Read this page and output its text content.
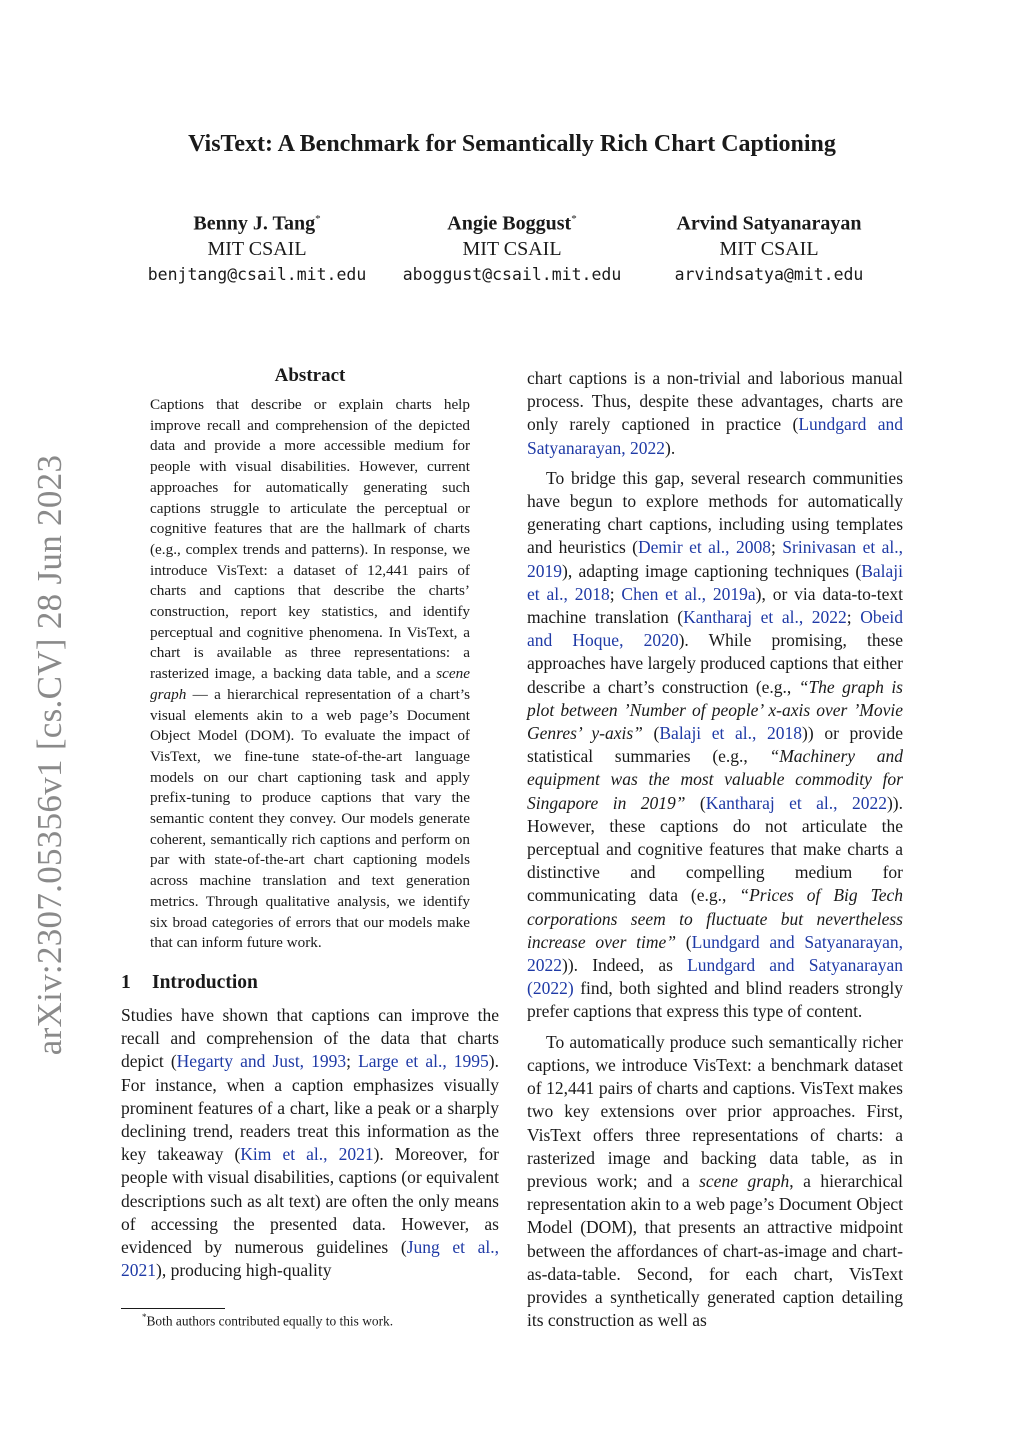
arXiv:2307.05356v1 [cs.CV] 28 Jun 2023
VisText: A Benchmark for Semantically Rich Chart Captioning
Benny J. Tang*
MIT CSAIL
benjtang@csail.mit.edu
Angie Boggust*
MIT CSAIL
aboggust@csail.mit.edu
Arvind Satyanarayan
MIT CSAIL
arvindsatya@mit.edu
Abstract

Captions that describe or explain charts help improve recall and comprehension of the depicted data and provide a more accessible medium for people with visual disabilities. However, current approaches for automatically generating such captions struggle to articulate the perceptual or cognitive features that are the hallmark of charts (e.g., complex trends and patterns). In response, we introduce VisText: a dataset of 12,441 pairs of charts and captions that describe the charts’ construction, report key statistics, and identify perceptual and cognitive phenomena. In VisText, a chart is available as three representations: a rasterized image, a backing data table, and a scene graph — a hierarchical representation of a chart’s visual elements akin to a web page’s Document Object Model (DOM). To evaluate the impact of VisText, we fine-tune state-of-the-art language models on our chart captioning task and apply prefix-tuning to produce captions that vary the semantic content they convey. Our models generate coherent, semantically rich captions and perform on par with state-of-the-art chart captioning models across machine translation and text generation metrics. Through qualitative analysis, we identify six broad categories of errors that our models make that can inform future work.

1 Introduction

Studies have shown that captions can improve the recall and comprehension of the data that charts depict (Hegarty and Just, 1993; Large et al., 1995). For instance, when a caption emphasizes visually prominent features of a chart, like a peak or a sharply declining trend, readers treat this information as the key takeaway (Kim et al., 2021). Moreover, for people with visual disabilities, captions (or equivalent descriptions such as alt text) are often the only means of accessing the presented data. However, as evidenced by numerous guidelines (Jung et al., 2021), producing high-quality

chart captions is a non-trivial and laborious manual process. Thus, despite these advantages, charts are only rarely captioned in practice (Lundgard and Satyanarayan, 2022).

To bridge this gap, several research communities have begun to explore methods for automatically generating chart captions, including using templates and heuristics (Demir et al., 2008; Srinivasan et al., 2019), adapting image captioning techniques (Balaji et al., 2018; Chen et al., 2019a), or via data-to-text machine translation (Kantharaj et al., 2022; Obeid and Hoque, 2020). While promising, these approaches have largely produced captions that either describe a chart’s construction (e.g., “The graph is plot between ’Number of people’ x-axis over ’Movie Genres’ y-axis” (Balaji et al., 2018)) or provide statistical summaries (e.g., “Machinery and equipment was the most valuable commodity for Singapore in 2019” (Kantharaj et al., 2022)). However, these captions do not articulate the perceptual and cognitive features that make charts a distinctive and compelling medium for communicating data (e.g., “Prices of Big Tech corporations seem to fluctuate but nevertheless increase over time” (Lundgard and Satyanarayan, 2022)). Indeed, as Lundgard and Satyanarayan (2022) find, both sighted and blind readers strongly prefer captions that express this type of content.

To automatically produce such semantically richer captions, we introduce VisText: a benchmark dataset of 12,441 pairs of charts and captions. VisText makes two key extensions over prior approaches. First, VisText offers three representations of charts: a rasterized image and backing data table, as in previous work; and a scene graph, a hierarchical representation akin to a web page’s Document Object Model (DOM), that presents an attractive midpoint between the affordances of chart-as-image and chart-as-data-table. Second, for each chart, VisText provides a synthetically generated caption detailing its construction as well as

*Both authors contributed equally to this work.
